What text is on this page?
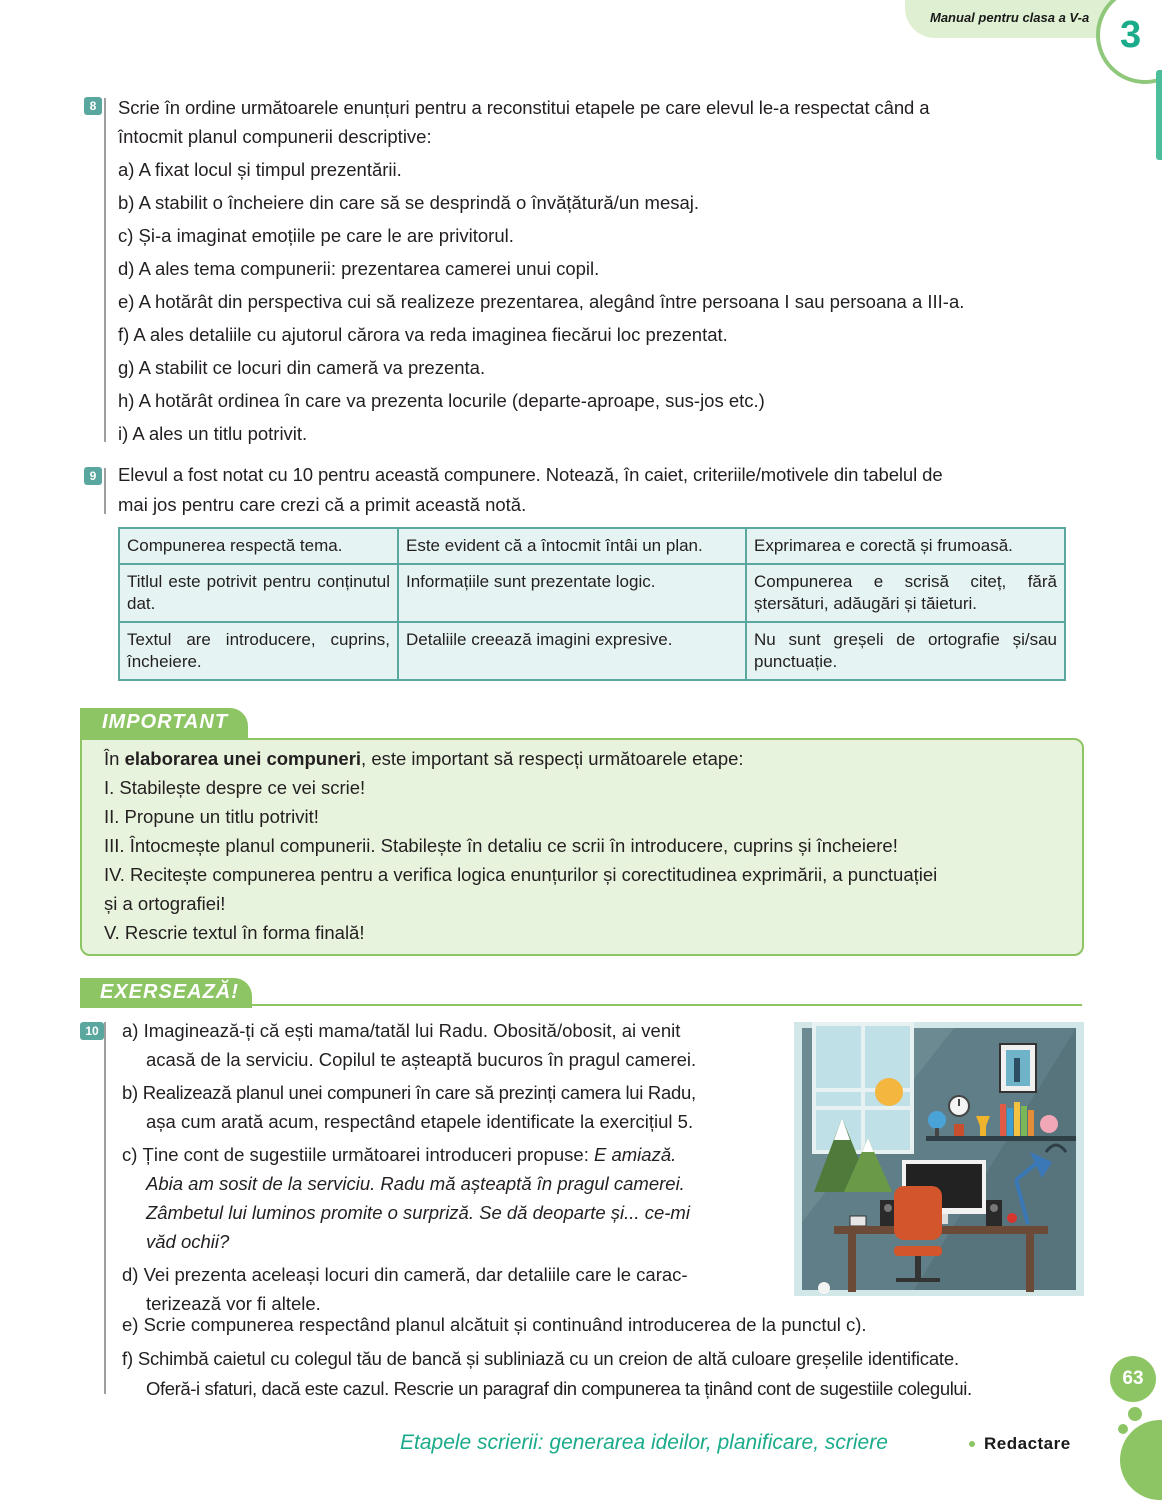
Manual pentru clasa a V-a 3
8	Scrie în ordine următoarele enunțuri pentru a reconstitui etapele pe care elevul le-a respectat când a

întocmit planul compunerii descriptive:

a) A fixat locul și timpul prezentării.

b) A stabilit o încheiere din care să se desprindă o învățătură/un mesaj.

c) Și-a imaginat emoțiile pe care le are privitorul.

d) A ales tema compunerii: prezentarea camerei unui copil.

e) A hotărât din perspectiva cui să realizeze prezentarea, alegând între persoana I sau persoana a III-a.

f) A ales detaliile cu ajutorul cărora va reda imaginea fiecărui loc prezentat.

g) A stabilit ce locuri din cameră va prezenta.

h) A hotărât ordinea în care va prezenta locurile (departe-aproape, sus-jos etc.)

i) A ales un titlu potrivit.

9	Elevul a fost notat cu 10 pentru această compunere. Notează, în caiet, criteriile/motivele din tabelul de

mai jos pentru care crezi că a primit această notă.

Compunerea respectă tema.	Este evident că a întocmit întâi un plan.	Exprimarea e corectă și frumoasă.
Titlul este potrivit pentru conținutul dat.	Informațiile sunt prezentate logic.	Compunerea e scrisă citeț, fără ștersături, adăugări și tăieturi.
Textul are introducere, cuprins, încheiere.	Detaliile creează imagini expresive.	Nu sunt greșeli de ortografie și/sau punctuație.
IMPORTANT

În elaborarea unei compuneri, este important să respecți următoarele etape:

I. Stabilește despre ce vei scrie!

II. Propune un titlu potrivit!

III. Întocmește planul compunerii. Stabilește în detaliu ce scrii în introducere, cuprins și încheiere!

IV. Recitește compunerea pentru a verifica logica enunțurilor și corectitudinea exprimării, a punctuației

și a ortografiei!

V. Rescrie textul în forma finală!

EXERSEAZĂ!
10 a) Imaginează-ți că ești mama/tatăl lui Radu. Obosită/obosit, ai venit

acasă de la serviciu. Copilul te așteaptă bucuros în pragul camerei.

b) Realizează planul unei compuneri în care să prezinți camera lui Radu,

așa cum arată acum, respectând etapele identificate la exercițiul 5.

c) Ține cont de sugestiile următoarei introduceri propuse: E amiază.

Abia am sosit de la serviciu. Radu mă așteaptă în pragul camerei.

Zâmbetul lui luminos promite o surpriză. Se dă deoparte și... ce-mi

văd ochii?

d) Vei prezenta aceleași locuri din cameră, dar detaliile care le carac-

terizează vor fi altele.

e) Scrie compunerea respectând planul alcătuit și continuând introducerea de la punctul c).

f) Schimbă caietul cu colegul tău de bancă și subliniază cu un creion de altă culoare greșelile identificate.

Oferă-i sfaturi, dacă este cazul. Rescrie un paragraf din compunerea ta ținând cont de sugestiile colegului.	63
Etapele scrierii: generarea ideilor, planificare, scriere	Redactare
